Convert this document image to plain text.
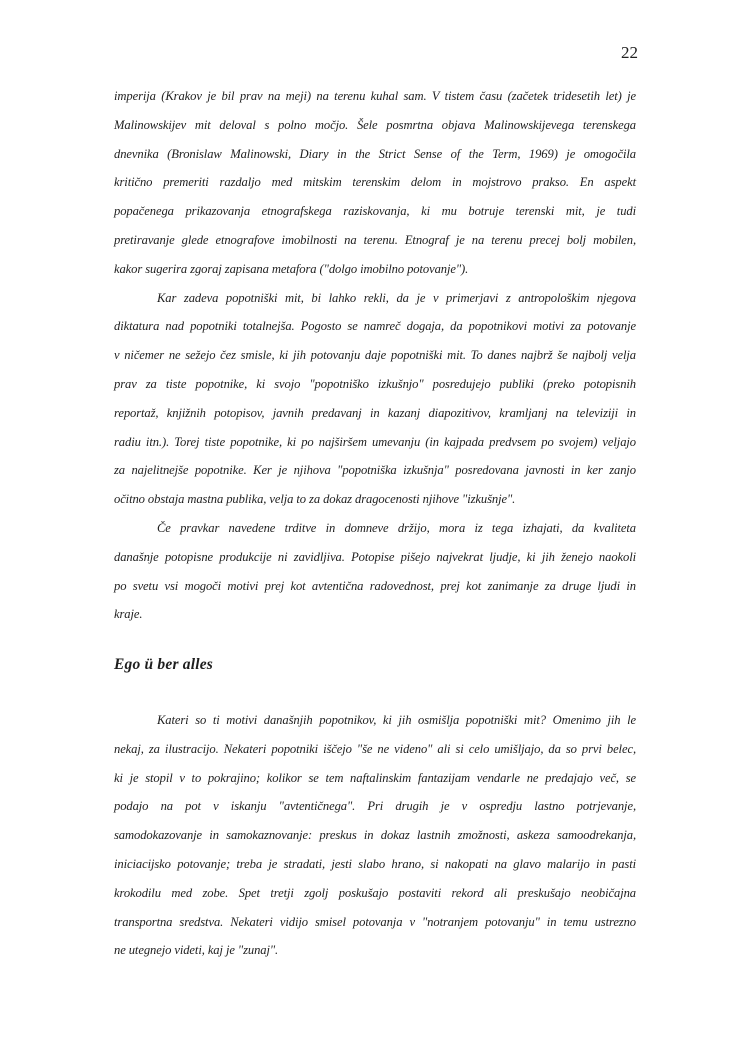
22
imperija (Krakov je bil prav na meji) na terenu kuhal sam. V tistem času (začetek tridesetih let) je
Malinowskijev mit deloval s polno močjo. Šele posmrtna objava Malinowskijevega terenskega
dnevnika (Bronislaw Malinowski, Diary in the Strict Sense of the Term, 1969) je omogočila
kritično premeriti razdaljo med mitskim terenskim delom in mojstrovo prakso. En aspekt
popačenega prikazovanja etnografskega raziskovanja, ki mu botruje terenski mit, je tudi
pretiravanje glede etnografove imobilnosti na terenu. Etnograf je na terenu precej bolj mobilen,
kakor sugerira zgoraj zapisana metafora ("dolgo imobilno potovanje").
Kar zadeva popotniški mit, bi lahko rekli, da je v primerjavi z antropološkim njegova
diktatura nad popotniki totalnejša. Pogosto se namreč dogaja, da popotnikovi motivi za potovanje
v ničemer ne sežejo čez smisle, ki jih potovanju daje popotniški mit. To danes najbrž še najbolj velja
prav za tiste popotnike, ki svojo "popotniško izkušnjo" posredujejo publiki (preko potopisnih
reportaž, knjižnih potopisov, javnih predavanj in kazanj diapozitivov, kramljanj na televiziji in
radiu itn.). Torej tiste popotnike, ki po najširšem umevanju (in kajpada predvsem po svojem) veljajo
za najelitnejše popotnike. Ker je njihova "popotniška izkušnja" posredovana javnosti in ker zanjo
očitno obstaja mastna publika, velja to za dokaz dragocenosti njihove "izkušnje".
Če pravkar navedene trditve in domneve držijo, mora iz tega izhajati, da kvaliteta
današnje potopisne produkcije ni zavidljiva. Potopise pišejo najvekrat ljudje, ki jih ženejo naokoli
po svetu vsi mogoči motivi prej kot avtentična radovednost, prej kot zanimanje za druge ljudi in
kraje.
Ego ü ber alles
Kateri so ti motivi današnjih popotnikov, ki jih osmišlja popotniški mit? Omenimo jih le
nekaj, za ilustracijo. Nekateri popotniki iščejo "še ne videno" ali si celo umišljajo, da so prvi belec,
ki je stopil v to pokrajino; kolikor se tem naftalinskim fantazijam vendarle ne predajajo več, se
podajo na pot v iskanju "avtentičnega". Pri drugih je v ospredju lastno potrjevanje,
samodokazovanje in samokaznovanje: preskus in dokaz lastnih zmožnosti, askeza samoodrekanja,
iniciacijsko potovanje; treba je stradati, jesti slabo hrano, si nakopati na glavo malarijo in pasti
krokodilu med zobe. Spet tretji zgolj poskušajo postaviti rekord ali preskušajo neobičajna
transportna sredstva. Nekateri vidijo smisel potovanja v "notranjem potovanju" in temu ustrezno
ne utegnejo videti, kaj je "zunaj".
